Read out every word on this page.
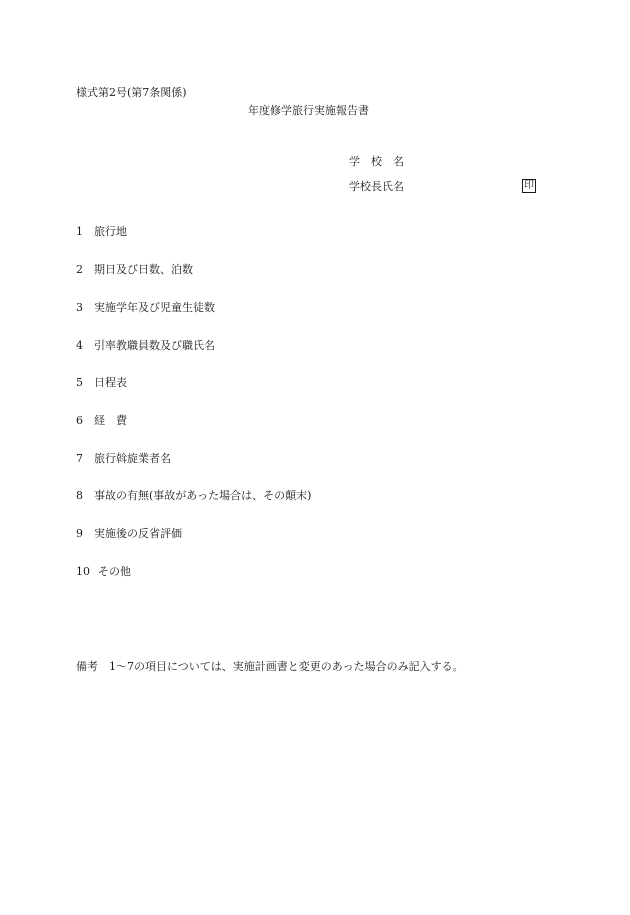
様式第2号(第7条関係)
年度修学旅行実施報告書
学　校　名
学校長氏名	印
1 旅行地
2 期日及び日数、泊数
3 実施学年及び児童生徒数
4 引率教職員数及び職氏名
5 日程表
6 経　費
7 旅行斡旋業者名
8 事故の有無(事故があった場合は、その顛末)
9 実施後の反省評価
10 その他
備考　1〜7の項目については、実施計画書と変更のあった場合のみ記入する。
